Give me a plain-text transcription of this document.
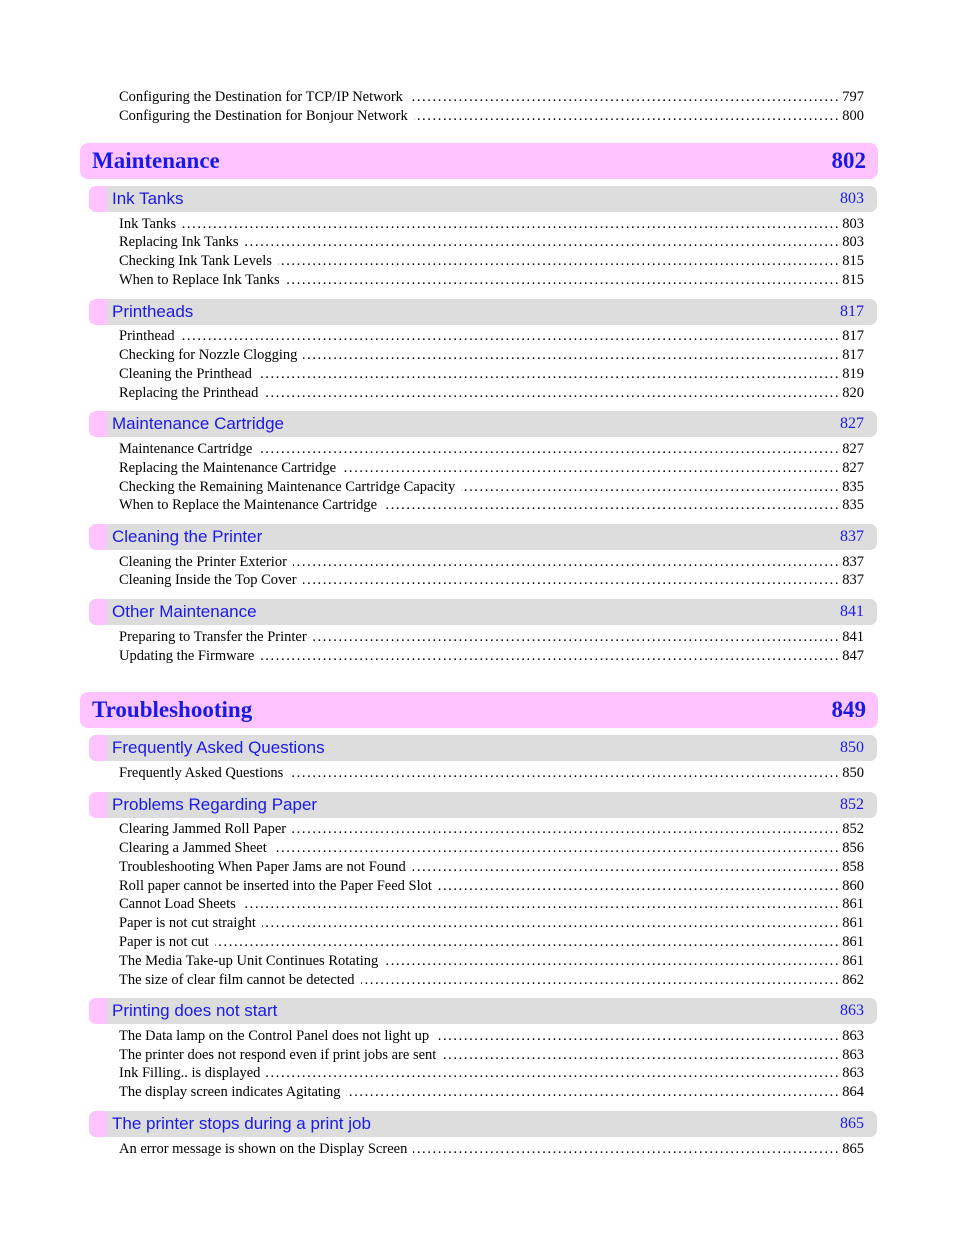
Configuring the Destination for TCP/IP Network .....	797
Configuring the Destination for Bonjour Network .....	800
Maintenance	802
Ink Tanks	803
Ink Tanks .....	803
Replacing Ink Tanks .....	803
Checking Ink Tank Levels .....	815
When to Replace Ink Tanks .....	815
Printheads	817
Printhead .....	817
Checking for Nozzle Clogging .....	817
Cleaning the Printhead .....	819
Replacing the Printhead .....	820
Maintenance Cartridge	827
Maintenance Cartridge .....	827
Replacing the Maintenance Cartridge .....	827
Checking the Remaining Maintenance Cartridge Capacity .....	835
When to Replace the Maintenance Cartridge .....	835
Cleaning the Printer	837
Cleaning the Printer Exterior .....	837
Cleaning Inside the Top Cover .....	837
Other Maintenance	841
Preparing to Transfer the Printer .....	841
Updating the Firmware .....	847
Troubleshooting	849
Frequently Asked Questions	850
Frequently Asked Questions .....	850
Problems Regarding Paper	852
Clearing Jammed Roll Paper .....	852
Clearing a Jammed Sheet .....	856
Troubleshooting When Paper Jams are not Found .....	858
Roll paper cannot be inserted into the Paper Feed Slot .....	860
Cannot Load Sheets .....	861
Paper is not cut straight .....	861
Paper is not cut .....	861
The Media Take-up Unit Continues Rotating .....	861
The size of clear film cannot be detected .....	862
Printing does not start	863
The Data lamp on the Control Panel does not light up .....	863
The printer does not respond even if print jobs are sent .....	863
Ink Filling.. is displayed .....	863
The display screen indicates Agitating .....	864
The printer stops during a print job	865
An error message is shown on the Display Screen .....	865
